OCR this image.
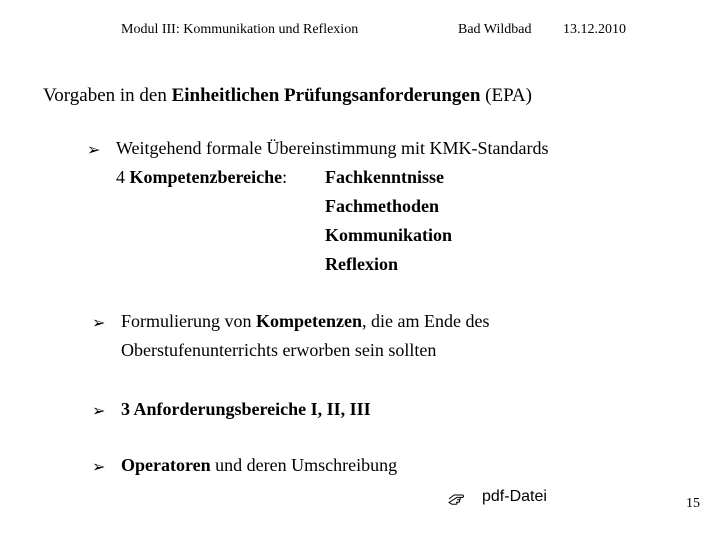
Modul III: Kommunikation und Reflexion	Bad Wildbad 13.12.2010
Vorgaben in den Einheitlichen Prüfungsanforderungen (EPA)
➢ Weitgehend formale Übereinstimmung mit KMK-Standards
4 Kompetenzbereiche: Fachkenntnisse
Fachmethoden
Kommunikation
Reflexion
➢ Formulierung von Kompetenzen, die am Ende des
Oberstufenunterrichts erworben sein sollten
➢ 3 Anforderungsbereiche I, II, III
➢ Operatoren und deren Umschreibung
pdf-Datei	15
